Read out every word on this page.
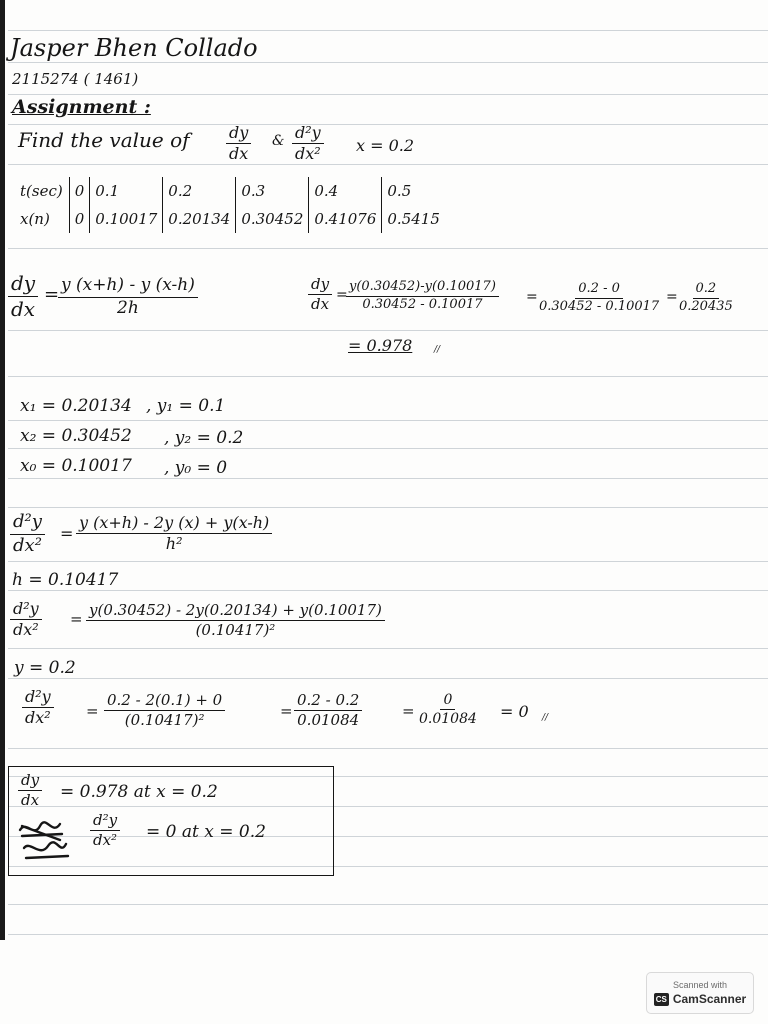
Jasper Bhen Collado
2115274 ( 1461)
Assignment :
Find the value of $\frac{dy}{dx}$ & $\frac{\text{d²y}}{\text{dx²}}$ x = 0.2
t(sec)	0	0.1	0.2	0.3	0.4	0.5
x(n)	0	0.10017	0.20134	0.30452	0.41076	0.5415
$\frac{dy}{dx}$ =
$\frac{y (x+h) - y (x-h)}{2h}$	$\frac{dy}{dx}$ =
$\frac{y(0.30452)-y(0.10017)}{0.30452 - 0.10017}$ =
$\frac{0.2 - 0}{0.30452 - 0.10017}$ =
$\frac{0.2}{0.20435}$
= 0.978 //
x₁ = 0.20134 , y₁ = 0.1
x₂ = 0.30452 , y₂ = 0.2
x₀ = 0.10017 , y₀ = 0
$\frac{\text{d²y}}{\text{dx²}} = \frac{y (x+h) - 2y (x) + y(x-h)}{\text{h²}}$
h = 0.10417
$\frac{\text{d²y}}{\text{dx²}} = \frac{y(0.30452) - 2y(0.20134) + y(0.10017)}{\text{(0.10417)²}}$
y = 0.2
$\frac{\text{d²y}}{\text{dx²}} = \frac{0.2 - 2(0.1) + 0}{\text{(0.10417)²}}$	= $\frac{0.2 - 0.2}{0.01084}$	= $\frac{0}{0.01084} = 0$ //
$\frac{dy}{dx} = 0.978$ at x = 0.2
$\frac{\text{d²y}}{\text{dx²}} = 0$ at x = 0.2
Scanned with
CS CamScanner
